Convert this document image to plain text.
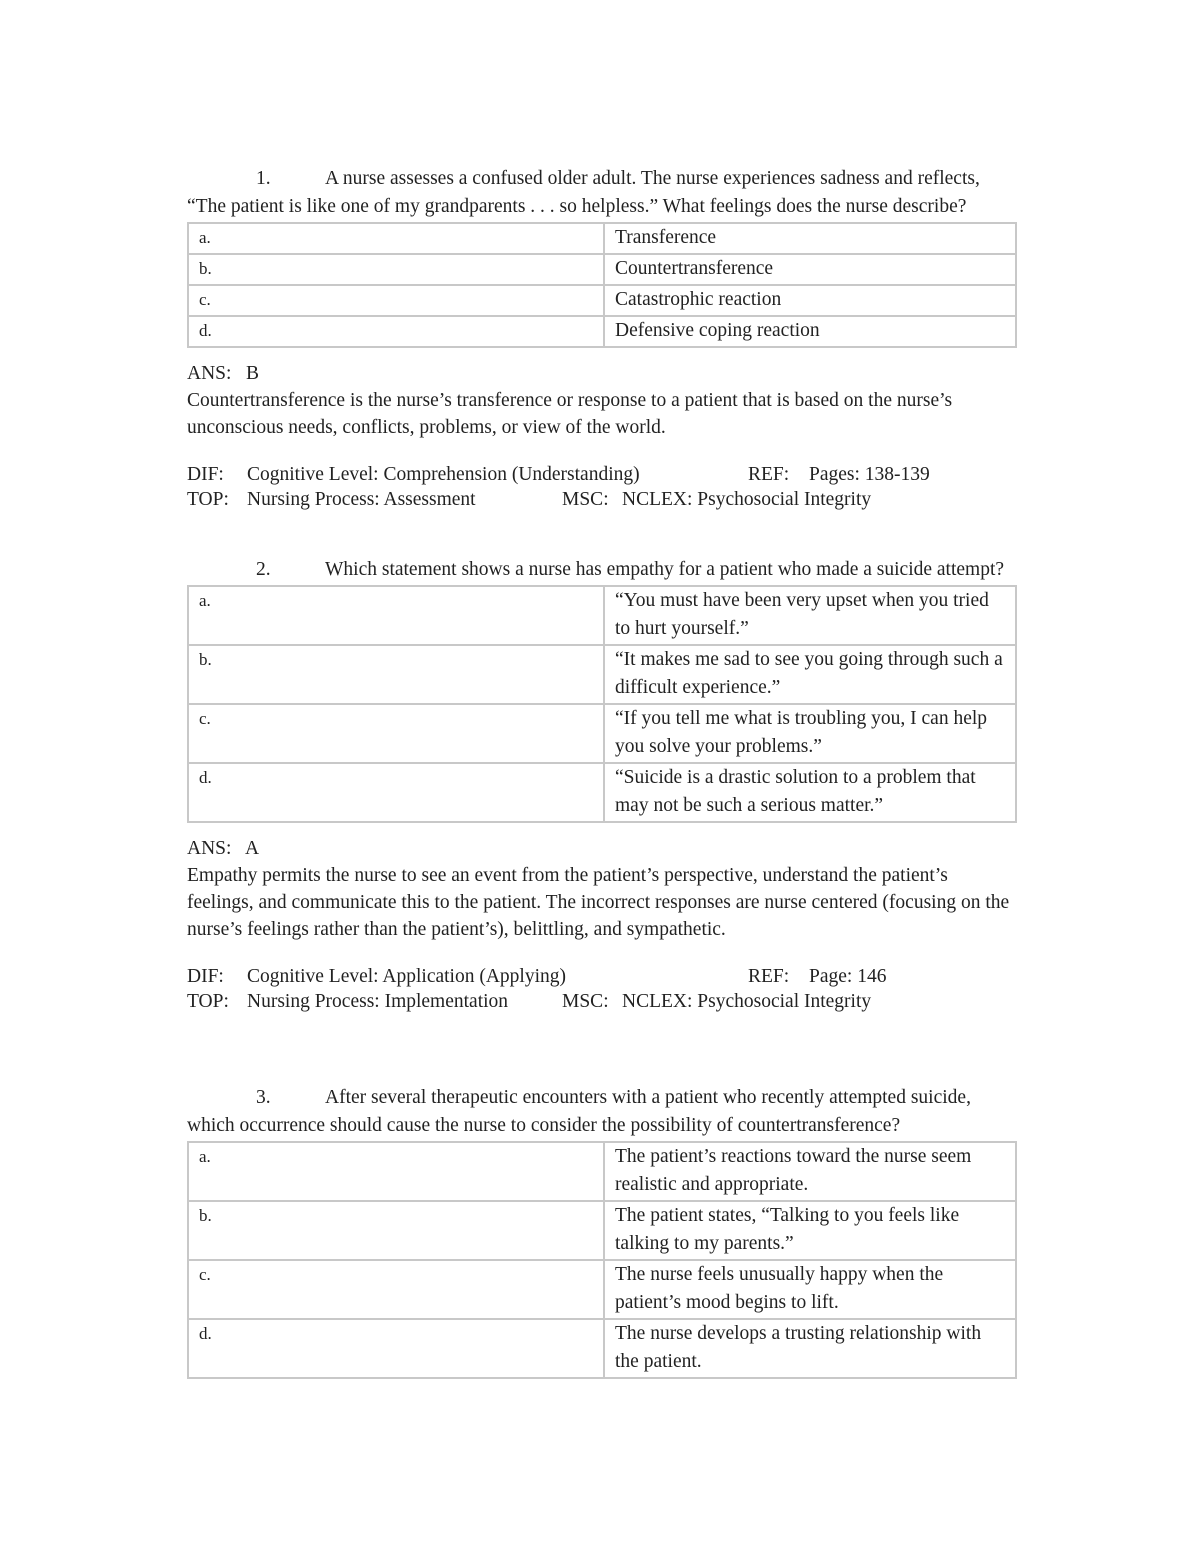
1.	A nurse assesses a confused older adult. The nurse experiences sadness and reflects, “The patient is like one of my grandparents . . . so helpless.” What feelings does the nurse describe?

a.	Transference
b.	Countertransference
c.	Catastrophic reaction
d.	Defensive coping reaction

ANS:   B

Countertransference is the nurse’s transference or response to a patient that is based on the nurse’s unconscious needs, conflicts, problems, or view of the world.

DIF: Cognitive Level: Comprehension (Understanding)	REF: Pages: 138-139
TOP: Nursing Process: Assessment	MSC: NCLEX: Psychosocial Integrity

2.	Which statement shows a nurse has empathy for a patient who made a suicide attempt?

a.	“You must have been very upset when you tried to hurt yourself.”
b.	“It makes me sad to see you going through such a difficult experience.”
c.	“If you tell me what is troubling you, I can help you solve your problems.”
d.	“Suicide is a drastic solution to a problem that may not be such a serious matter.”

ANS:   A

Empathy permits the nurse to see an event from the patient’s perspective, understand the patient’s feelings, and communicate this to the patient. The incorrect responses are nurse centered (focusing on the nurse’s feelings rather than the patient’s), belittling, and sympathetic.

DIF: Cognitive Level: Application (Applying)	REF: Page: 146
TOP: Nursing Process: Implementation	MSC: NCLEX: Psychosocial Integrity

3.	After several therapeutic encounters with a patient who recently attempted suicide, which occurrence should cause the nurse to consider the possibility of countertransference?

a.	The patient’s reactions toward the nurse seem realistic and appropriate.
b.	The patient states, “Talking to you feels like talking to my parents.”
c.	The nurse feels unusually happy when the patient’s mood begins to lift.
d.	The nurse develops a trusting relationship with the patient.
